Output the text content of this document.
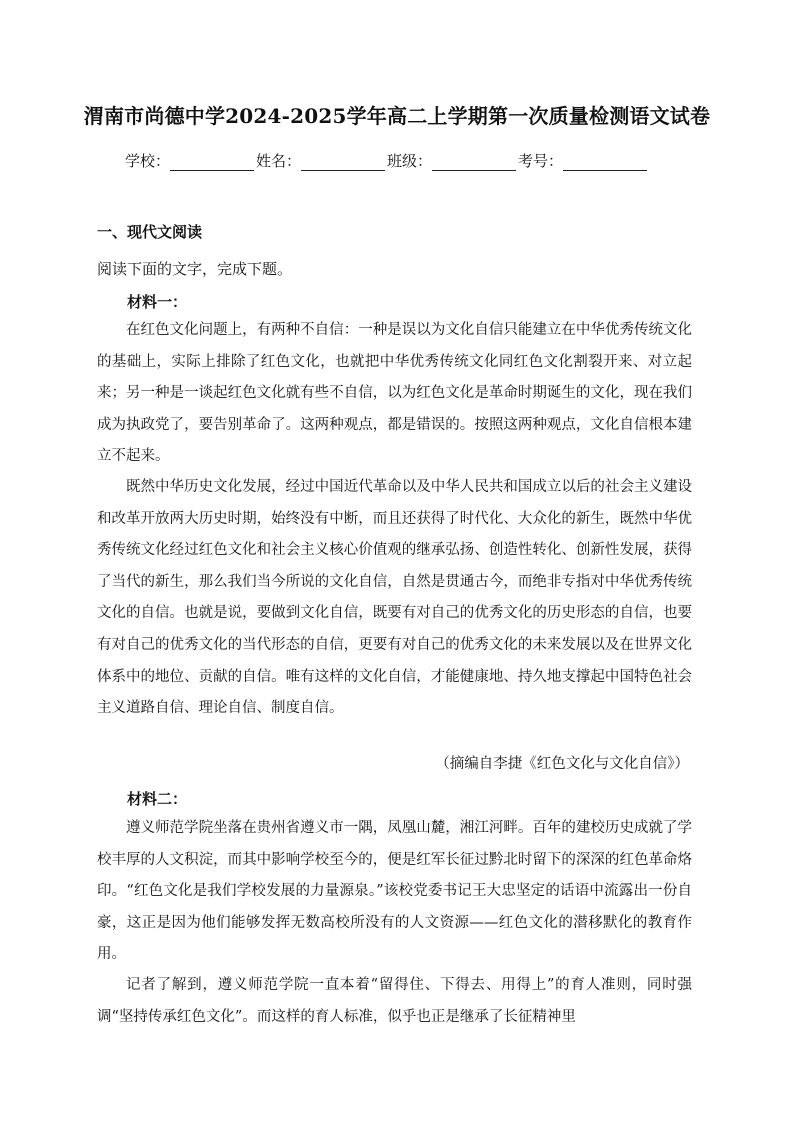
渭南市尚德中学2024-2025学年高二上学期第一次质量检测语文试卷
学校：	姓名：	班级：	考号：
一、现代文阅读
阅读下面的文字，完成下题。
材料一：

在红色文化问题上，有两种不自信：一种是误以为文化自信只能建立在中华优秀传统文化的基础上，实际上排除了红色文化，也就把中华优秀传统文化同红色文化割裂开来、对立起来；另一种是一谈起红色文化就有些不自信，以为红色文化是革命时期诞生的文化，现在我们成为执政党了，要告别革命了。这两种观点，都是错误的。按照这两种观点，文化自信根本建立不起来。

既然中华历史文化发展，经过中国近代革命以及中华人民共和国成立以后的社会主义建设和改革开放两大历史时期，始终没有中断，而且还获得了时代化、大众化的新生，既然中华优秀传统文化经过红色文化和社会主义核心价值观的继承弘扬、创造性转化、创新性发展，获得了当代的新生，那么我们当今所说的文化自信，自然是贯通古今，而绝非专指对中华优秀传统文化的自信。也就是说，要做到文化自信，既要有对自己的优秀文化的历史形态的自信，也要有对自己的优秀文化的当代形态的自信，更要有对自己的优秀文化的未来发展以及在世界文化体系中的地位、贡献的自信。唯有这样的文化自信，才能健康地、持久地支撑起中国特色社会主义道路自信、理论自信、制度自信。

（摘编自李捷《红色文化与文化自信》）
材料二：

遵义师范学院坐落在贵州省遵义市一隅，凤凰山麓，湘江河畔。百年的建校历史成就了学校丰厚的人文积淀，而其中影响学校至今的，便是红军长征过黔北时留下的深深的红色革命烙印。“红色文化是我们学校发展的力量源泉。”该校党委书记王大忠坚定的话语中流露出一份自豪，这正是因为他们能够发挥无数高校所没有的人文资源——红色文化的潜移默化的教育作用。

记者了解到，遵义师范学院一直本着“留得住、下得去、用得上”的育人准则，同时强调“坚持传承红色文化”。而这样的育人标准，似乎也正是继承了长征精神里
